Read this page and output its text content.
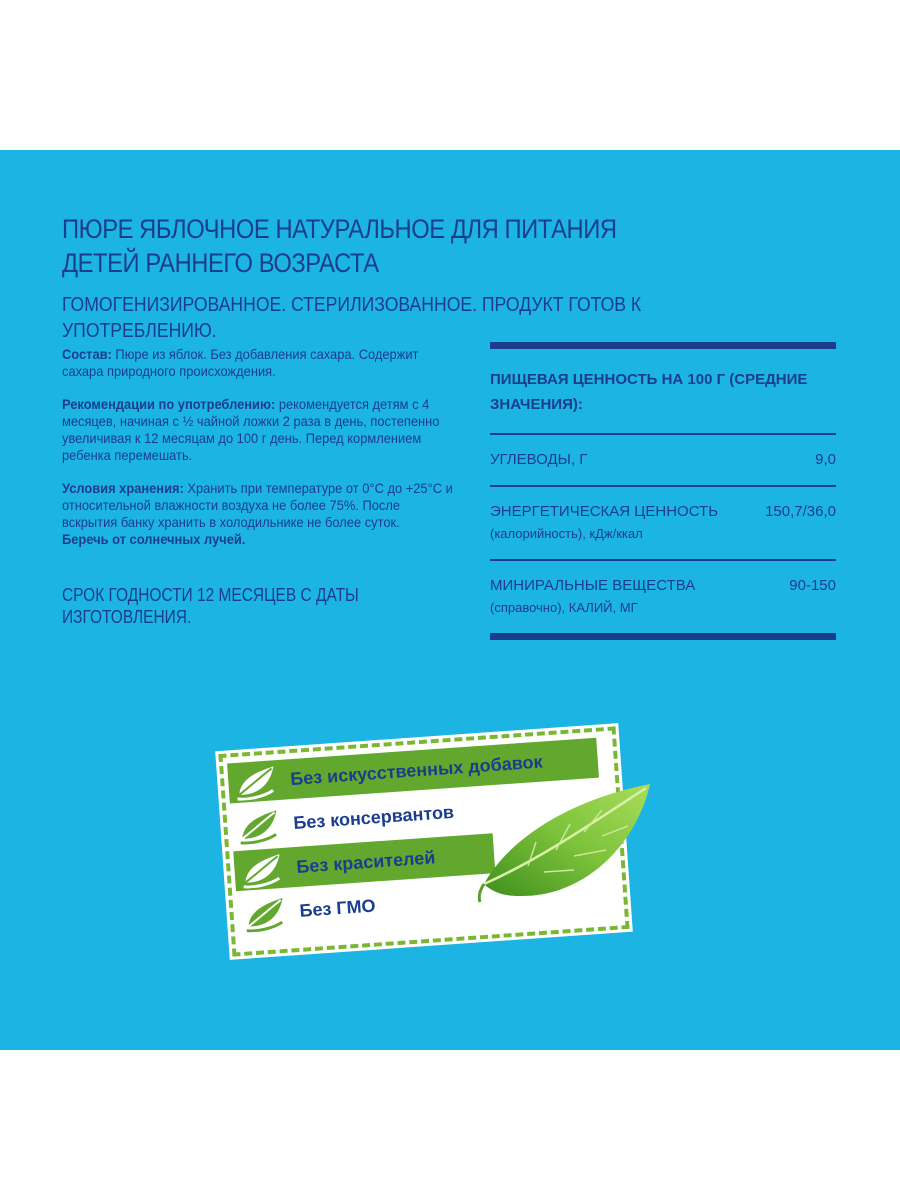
ПЮРЕ ЯБЛОЧНОЕ НАТУРАЛЬНОЕ ДЛЯ ПИТАНИЯ ДЕТЕЙ РАННЕГО ВОЗРАСТА

ГОМОГЕНИЗИРОВАННОЕ. СТЕРИЛИЗОВАННОЕ. ПРОДУКТ ГОТОВ К УПОТРЕБЛЕНИЮ.

Состав: Пюре из яблок. Без добавления сахара. Содержит сахара природного происхождения.

Рекомендации по употреблению: рекомендуется детям с 4 месяцев, начиная с ½ чайной ложки 2 раза в день, постепенно увеличивая к 12 месяцам до 100 г день. Перед кормлением ребенка перемешать.

Условия хранения: Хранить при температуре от 0°С до +25°С и относительной влажности воздуха не более 75%. После вскрытия банку хранить в холодильнике не более суток.
Беречь от солнечных лучей.

СРОК ГОДНОСТИ 12 МЕСЯЦЕВ С ДАТЫ ИЗГОТОВЛЕНИЯ.
ПИЩЕВАЯ ЦЕННОСТЬ НА 100 Г (СРЕДНИЕ ЗНАЧЕНИЯ):
УГЛЕВОДЫ, Г	9,0
ЭНЕРГЕТИЧЕСКАЯ ЦЕННОСТЬ
(калорийность), кДж/ккал
150,7/36,0
МИНИРАЛЬНЫЕ ВЕЩЕСТВА
(справочно), КАЛИЙ, МГ
90-150
Без искусственных добавок
Без консервантов
Без красителей
Без ГМО
